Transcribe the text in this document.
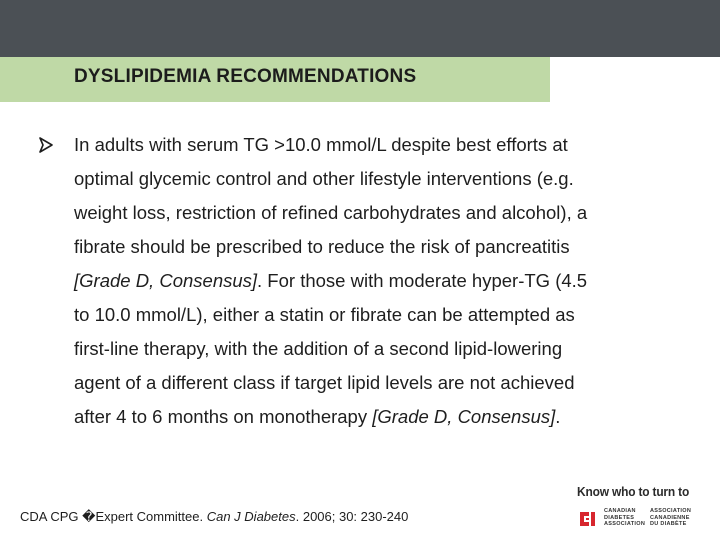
DYSLIPIDEMIA RECOMMENDATIONS
In adults with serum TG >10.0 mmol/L despite best efforts at
optimal glycemic control and other lifestyle interventions (e.g.
weight loss, restriction of refined carbohydrates and alcohol), a
fibrate should be prescribed to reduce the risk of pancreatitis
[Grade D, Consensus]. For those with moderate hyper-TG (4.5
to 10.0 mmol/L), either a statin or fibrate can be attempted as
first-line therapy, with the addition of a second lipid-lowering
agent of a different class if target lipid levels are not achieved
after 4 to 6 months on monotherapy [Grade D, Consensus].
CDA CPG �Expert Committee. Can J Diabetes. 2006; 30: 230-240
Know who to turn to
CANADIAN
DIABETES
ASSOCIATION
ASSOCIATION
CANADIENNE
DU DIABÈTE
